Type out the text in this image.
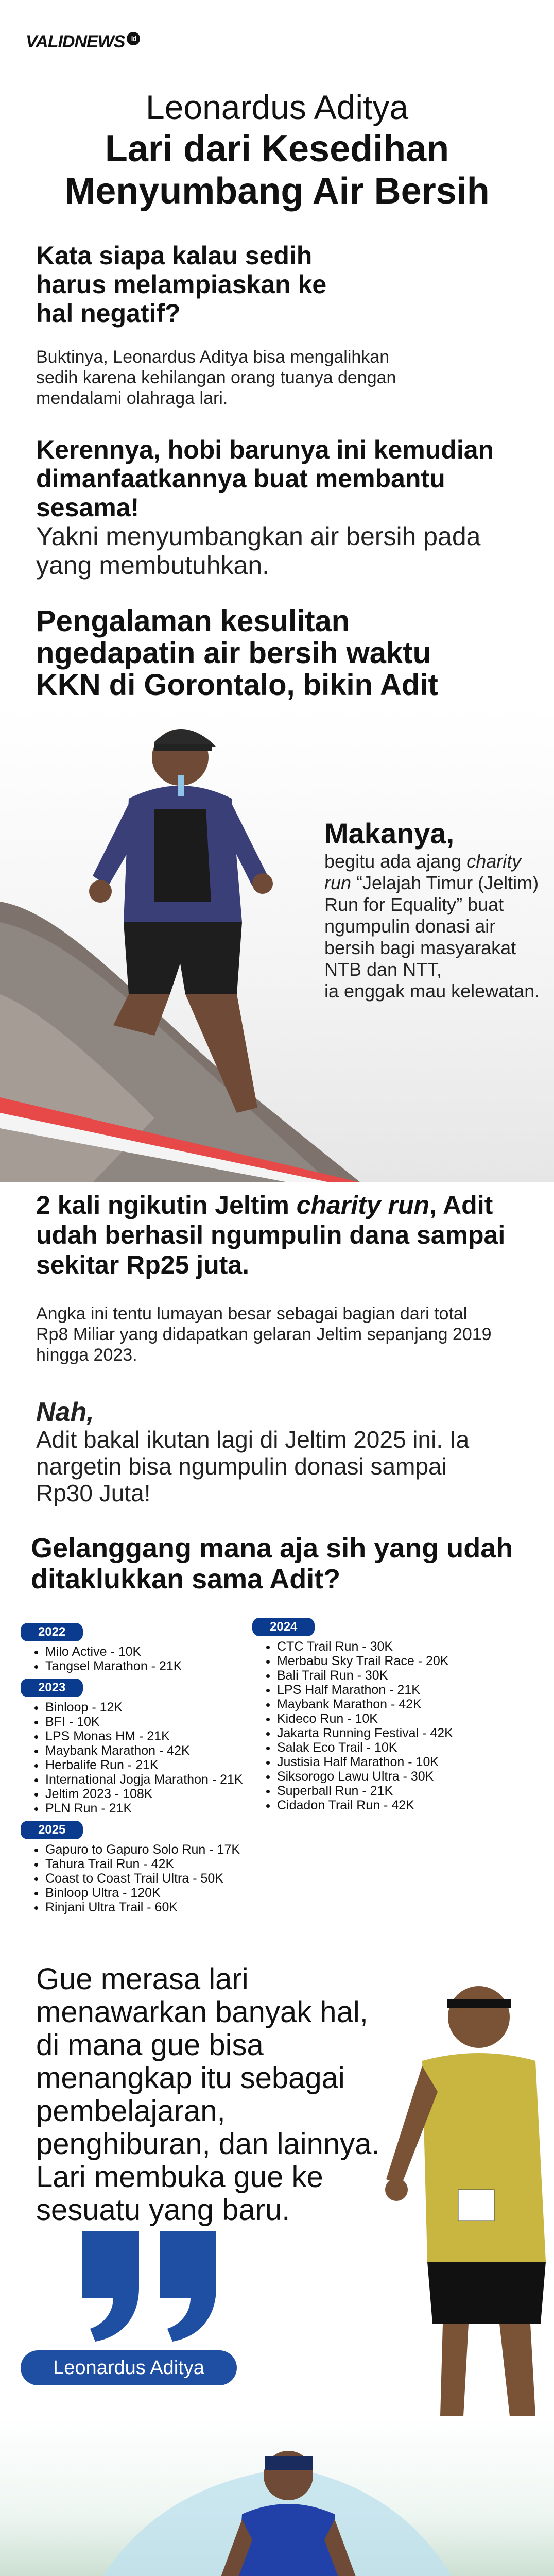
VALIDNEWS id
Leonardus Aditya
Lari dari Kesedihan
Menyumbang Air Bersih
Kata siapa kalau sedih harus melampiaskan ke hal negatif?
Buktinya, Leonardus Aditya bisa mengalihkan sedih karena kehilangan orang tuanya dengan mendalami olahraga lari.
Kerennya, hobi barunya ini kemudian dimanfaatkannya buat membantu sesama!
Yakni menyumbangkan air bersih pada yang membutuhkan.
Pengalaman kesulitan ngedapatin air bersih waktu KKN di Gorontalo, bikin Adit
Makanya,
begitu ada ajang charity run “Jelajah Timur (Jeltim) Run for Equality” buat ngumpulin donasi air bersih bagi masyarakat NTB dan NTT,
ia enggak mau kelewatan.
2 kali ngikutin Jeltim charity run, Adit udah berhasil ngumpulin dana sampai sekitar Rp25 juta.
Angka ini tentu lumayan besar sebagai bagian dari total Rp8 Miliar yang didapatkan gelaran Jeltim sepanjang 2019 hingga 2023.
Nah,
Adit bakal ikutan lagi di Jeltim 2025 ini. Ia nargetin bisa ngumpulin donasi sampai Rp30 Juta!
Gelanggang mana aja sih yang udah ditaklukkan sama Adit?
2022
• Milo Active - 10K
• Tangsel Marathon - 21K
2023
• Binloop - 12K
• BFI - 10K
• LPS Monas HM - 21K
• Maybank Marathon - 42K
• Herbalife Run - 21K
• International Jogja Marathon - 21K
• Jeltim 2023 - 108K
• PLN Run - 21K
2025
• Gapuro to Gapuro Solo Run - 17K
• Tahura Trail Run - 42K
• Coast to Coast Trail Ultra - 50K
• Binloop Ultra - 120K
• Rinjani Ultra Trail - 60K
2024
• CTC Trail Run - 30K
• Merbabu Sky Trail Race - 20K
• Bali Trail Run - 30K
• LPS Half Marathon - 21K
• Maybank Marathon - 42K
• Kideco Run - 10K
• Jakarta Running Festival - 42K
• Salak Eco Trail - 10K
• Justisia Half Marathon - 10K
• Siksorogo Lawu Ultra - 30K
• Superball Run - 21K
• Cidadon Trail Run - 42K
Gue merasa lari menawarkan banyak hal, di mana gue bisa menangkap itu sebagai pembelajaran, penghiburan, dan lainnya. Lari membuka gue ke sesuatu yang baru.
Leonardus Aditya
